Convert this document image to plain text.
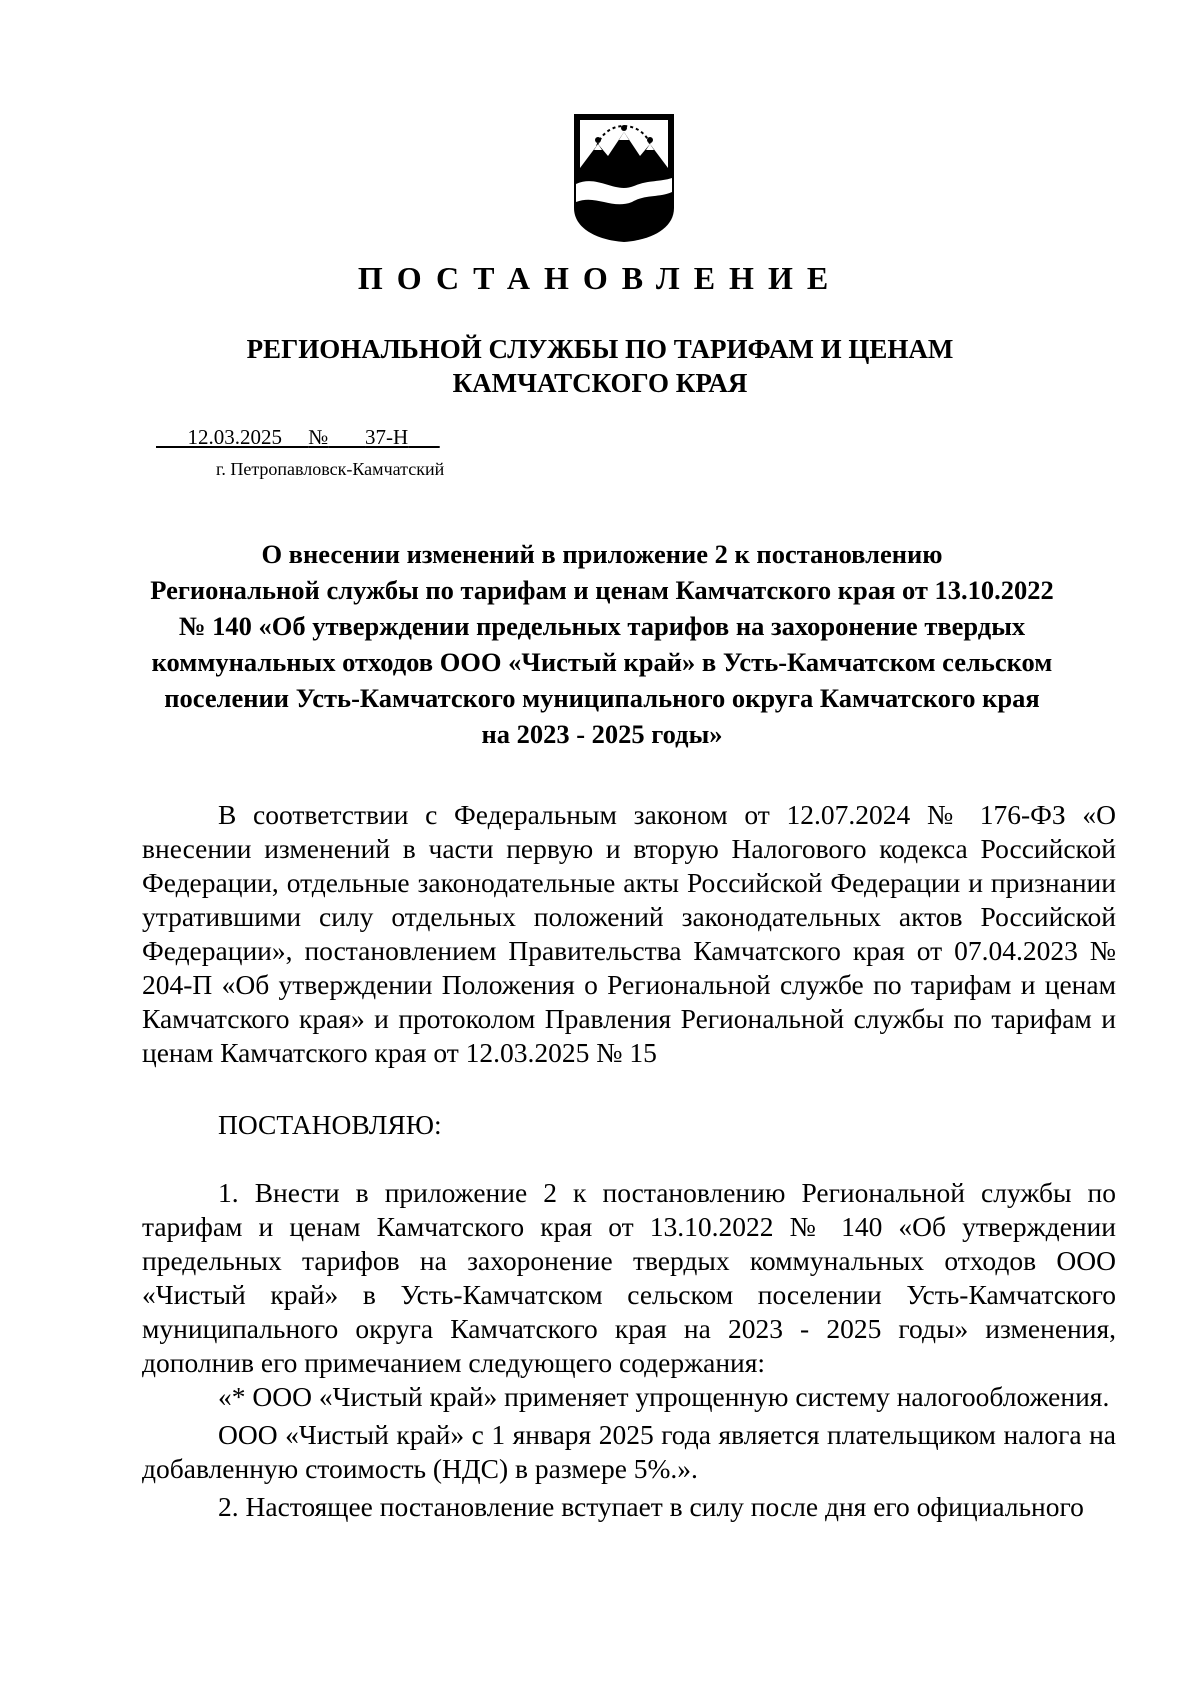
ПОСТАНОВЛЕНИЕ
РЕГИОНАЛЬНОЙ СЛУЖБЫ ПО ТАРИФАМ И ЦЕНАМ
КАМЧАТСКОГО КРАЯ
12.03.2025 № 37-Н
г. Петропавловск-Камчатский
О внесении изменений в приложение 2 к постановлению
Региональной службы по тарифам и ценам Камчатского края от 13.10.2022
№ 140 «Об утверждении предельных тарифов на захоронение твердых
коммунальных отходов ООО «Чистый край» в Усть-Камчатском сельском
поселении Усть-Камчатского муниципального округа Камчатского края
на 2023 - 2025 годы»

В соответствии с Федеральным законом от 12.07.2024 № 176-ФЗ «О внесении изменений в части первую и вторую Налогового кодекса Российской Федерации, отдельные законодательные акты Российской Федерации и признании утратившими силу отдельных положений законодательных актов Российской Федерации», постановлением Правительства Камчатского края от 07.04.2023 № 204-П «Об утверждении Положения о Региональной службе по тарифам и ценам Камчатского края» и протоколом Правления Региональной службы по тарифам и ценам Камчатского края от 12.03.2025 № 15

ПОСТАНОВЛЯЮ:

1. Внести в приложение 2 к постановлению Региональной службы по тарифам и ценам Камчатского края от 13.10.2022 № 140 «Об утверждении предельных тарифов на захоронение твердых коммунальных отходов ООО «Чистый край» в Усть-Камчатском сельском поселении Усть-Камчатского муниципального округа Камчатского края на 2023 - 2025 годы» изменения, дополнив его примечанием следующего содержания:

«* ООО «Чистый край» применяет упрощенную систему налогообложения.

ООО «Чистый край» с 1 января 2025 года является плательщиком налога на добавленную стоимость (НДС) в размере 5%.».

2. Настоящее постановление вступает в силу после дня его официального
